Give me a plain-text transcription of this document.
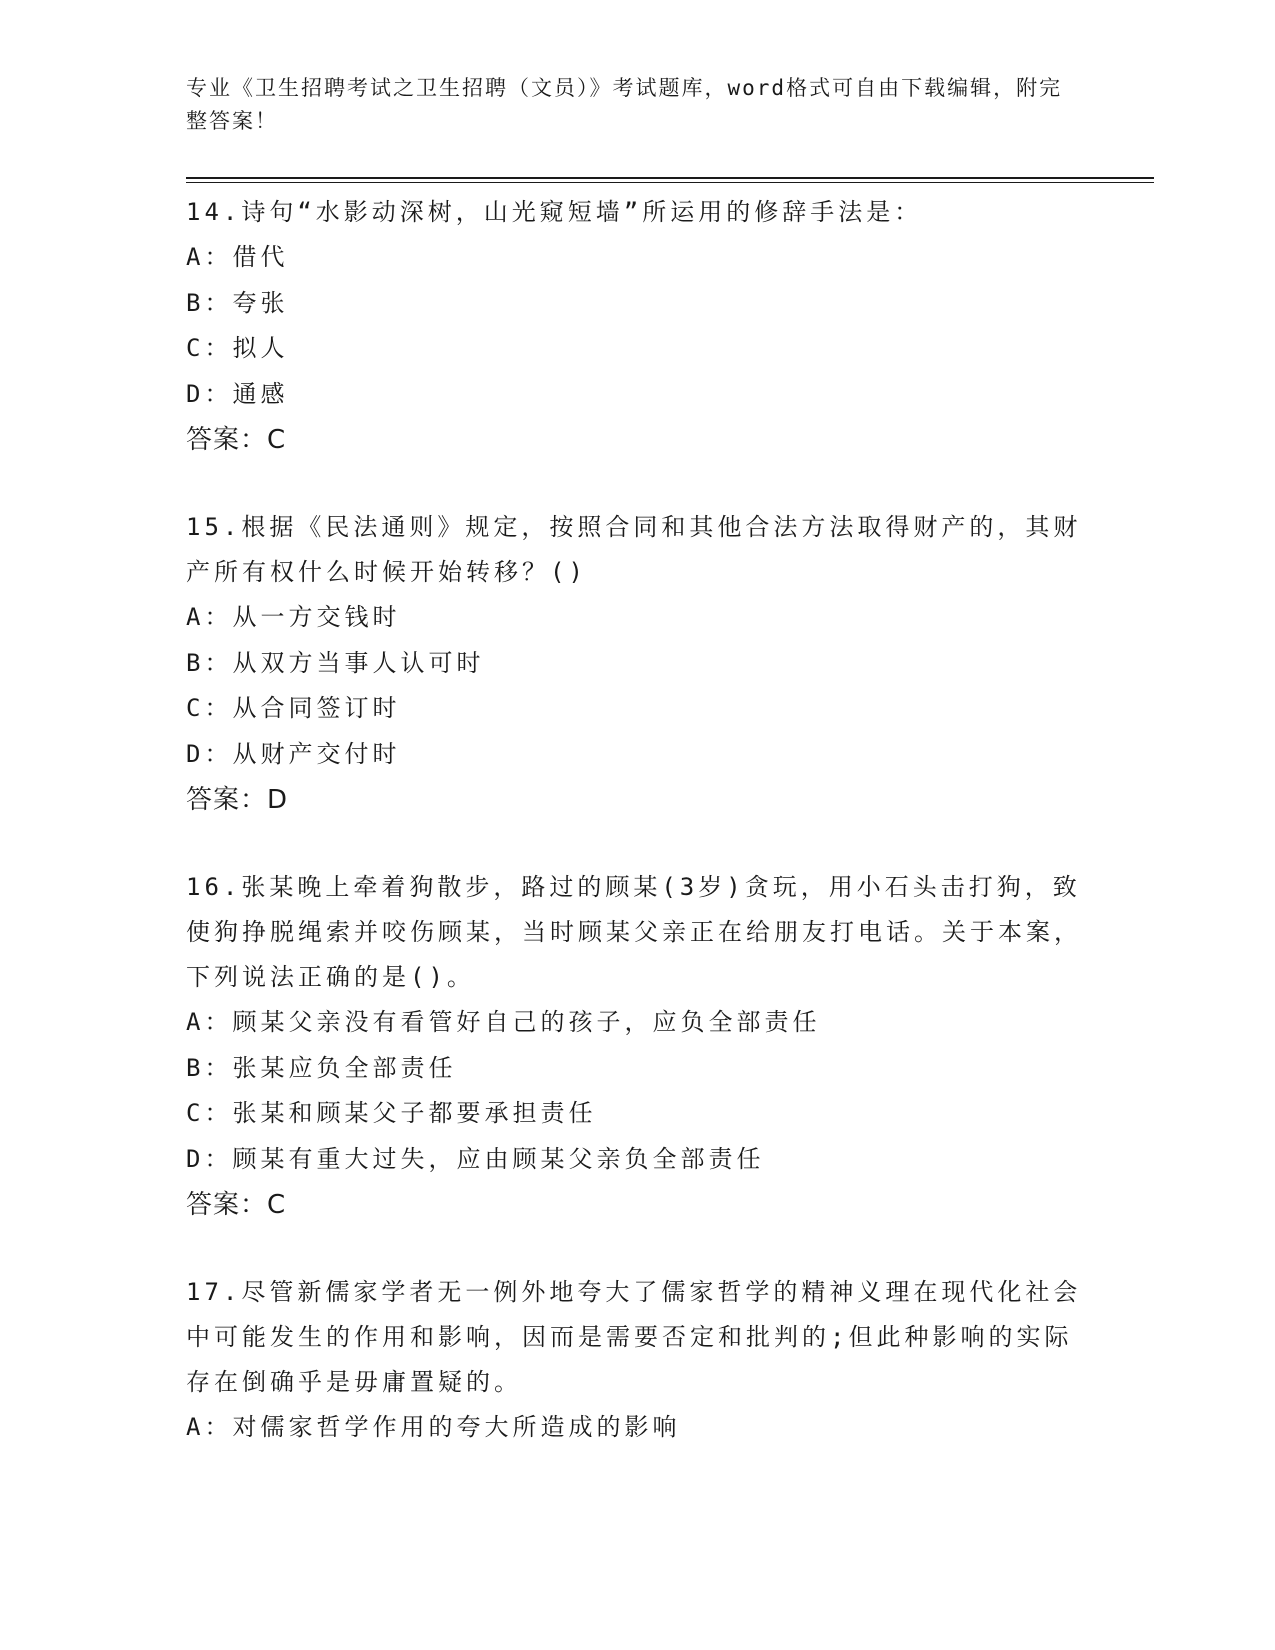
专业《卫生招聘考试之卫生招聘（文员）》考试题库，word格式可自由下载编辑，附完整答案！

14.诗句“水影动深树，山光窥短墙”所运用的修辞手法是：

A：借代

B：夸张

C：拟人

D：通感

答案：C

15.根据《民法通则》规定，按照合同和其他合法方法取得财产的，其财产所有权什么时候开始转移？()

A：从一方交钱时

B：从双方当事人认可时

C：从合同签订时

D：从财产交付时

答案：D

16.张某晚上牵着狗散步，路过的顾某(3岁)贪玩，用小石头击打狗，致使狗挣脱绳索并咬伤顾某，当时顾某父亲正在给朋友打电话。关于本案，下列说法正确的是()。

A：顾某父亲没有看管好自己的孩子，应负全部责任

B：张某应负全部责任

C：张某和顾某父子都要承担责任

D：顾某有重大过失，应由顾某父亲负全部责任

答案：C

17.尽管新儒家学者无一例外地夸大了儒家哲学的精神义理在现代化社会中可能发生的作用和影响，因而是需要否定和批判的;但此种影响的实际存在倒确乎是毋庸置疑的。

A：对儒家哲学作用的夸大所造成的影响
